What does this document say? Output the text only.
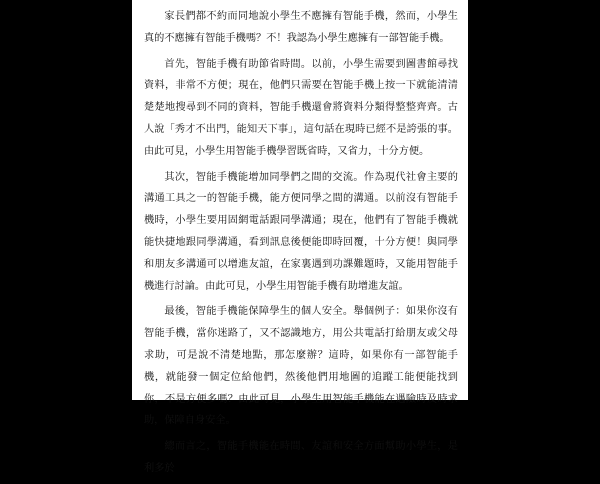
家長們都不約而同地說小學生不應擁有智能手機，然而，小學生真的不應擁有智能手機嗎？不！我認為小學生應擁有一部智能手機。

首先，智能手機有助節省時間。以前，小學生需要到圖書館尋找資料，非常不方便；現在，他們只需要在智能手機上按一下就能清清楚楚地搜尋到不同的資料，智能手機還會將資料分類得整整齊齊。古人說「秀才不出門，能知天下事」，這句話在現時已經不是誇張的事。由此可見，小學生用智能手機學習既省時，又省力，十分方便。

其次，智能手機能增加同學們之間的交流。作為現代社會主要的溝通工具之一的智能手機，能方便同學之間的溝通。以前沒有智能手機時，小學生要用固網電話跟同學溝通；現在，他們有了智能手機就能快捷地跟同學溝通，看到訊息後便能即時回覆，十分方便！與同學和朋友多溝通可以增進友誼，在家裏遇到功課難題時，又能用智能手機進行討論。由此可見，小學生用智能手機有助增進友誼。

最後，智能手機能保障學生的個人安全。舉個例子：如果你沒有智能手機，當你迷路了，又不認識地方，用公共電話打給朋友或父母求助，可是說不清楚地點，那怎麼辦？這時，如果你有一部智能手機，就能發一個定位給他們，然後他們用地圖的追蹤工能便能找到你，不是方便多嗎？由此可見，小學生用智能手機能在遇險時及時求助，保障自身安全。

總而言之，智能手機能在時間、友誼和安全方面幫助小學生，是利多於
